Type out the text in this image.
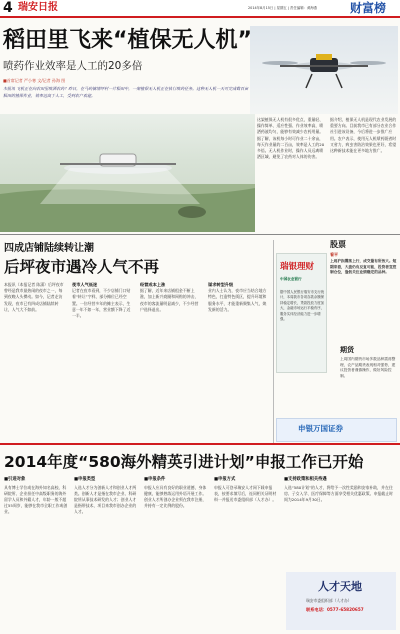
4 瑞安日报	2014年8月15日 | 星期五 | 责任编辑：黄海燕	财富榜
稻田里飞来“植保无人机”
喷药作业效率是人工的20多倍
■首席记者 严小寒 文/记者 孙海 图
本报讯 飞机正在向农田里喷洒农药？昨日，在马屿镇埔坪村一片稻田中，一架植保无人机正在执行喷药任务。这种无人机一天可完成数百亩稻田的植保作业，效率远高于人工，受到农户欢迎。
这架植保无人机有很多优点，重量轻、操作简单、适应性强、作业效率高，喷洒药液均匀，能够有效减少农药用量。据了解，该机每小时可作业二十余亩，每天作业量约二百亩，效率是人工的20多倍。无人机作业时，操作人员远离喷洒区域，避免了农药对人体的伤害。
据介绍，植保无人机是现代农业发展的重要方向。目前我市已有部分农业合作社引进该设备，今后将进一步推广应用。农户表示，使用无人机喷药既省时又省力，病虫害防治效果也更好，希望这种新技术能在更多地方推广。
四成店铺陆续转让潮
后坪夜市遇冷人气不再
本报讯（本报记者 陈潇）后坪夜市曾经是我市最热闹的夜市之一，每到夜晚人头攒动。如今，记者走访发现，夜市已有四成店铺陆续转让，人气大不如前。
夜市人气低迷
记者在夜市看到，不少店铺门口贴着“转让”字样，部分摊位已经空置。一位经营多年的摊主表示，生意一年不如一年，营业额下降了近一半。
经营成本上涨
据了解，近年来店铺租金不断上涨，加上新兴商圈和网购的冲击，夜市的客流量明显减少，不少经营户选择退出。
谋求转型升级
业内人士认为，夜市应当结合地方特色，打造特色街区，提升环境和服务水平，才能重新聚集人气，焕发新的活力。
瑞银理财
中国农业银行
股票
看平
上周沪指震荡上行，成交量有所放大。短期来看，大盘仍有反复可能，投资者宜控制仓位，逢低关注业绩稳定的品种。
据中国人民银行瑞安市支行统计，本周我市各项存款余额保持稳定增长，贷款投放力度加大，金融市场运行平稳有序，服务实体经济能力进一步增强。
期货
上周国内期货市场多数品种震荡整理，农产品期货表现相对强势，建议投资者谨慎操作，做好风险控制。
申银万国证券
2014年度“580海外精英引进计划”申报工作已开始
■引进对象
具有博士学位或在海外知名高校、科研院所、企业担任中高级职务的海外留学人员和外籍人才，年龄一般不超过55周岁，能够在我市全职工作或创业。
■申报类型
入选人才分为创新人才和创业人才两类。创新人才是指在我市企业、科研院所从事技术研发的人才；创业人才是指带技术、项目来我市创办企业的人才。
■申报条件
申报人应具有良好的职业道德，身体健康，能够熟练运用外语开展工作。创业人才所创办企业须在我市注册，并持有一定比例的股份。
■申报方式
申报人可登录瑞安人才网下载申报表，按要求填写后，连同相关证明材料一并报送市委组织部（人才办）。
■支持政策和相关待遇
入选“580计划”的人才，将给予一次性奖励和安家补助，并在住房、子女入学、医疗保障等方面享受相关优惠政策。申报截止时间为2014年9月30日。
人才天地
瑞安市委组织部（人才办）
联系电话：0577-65820657
